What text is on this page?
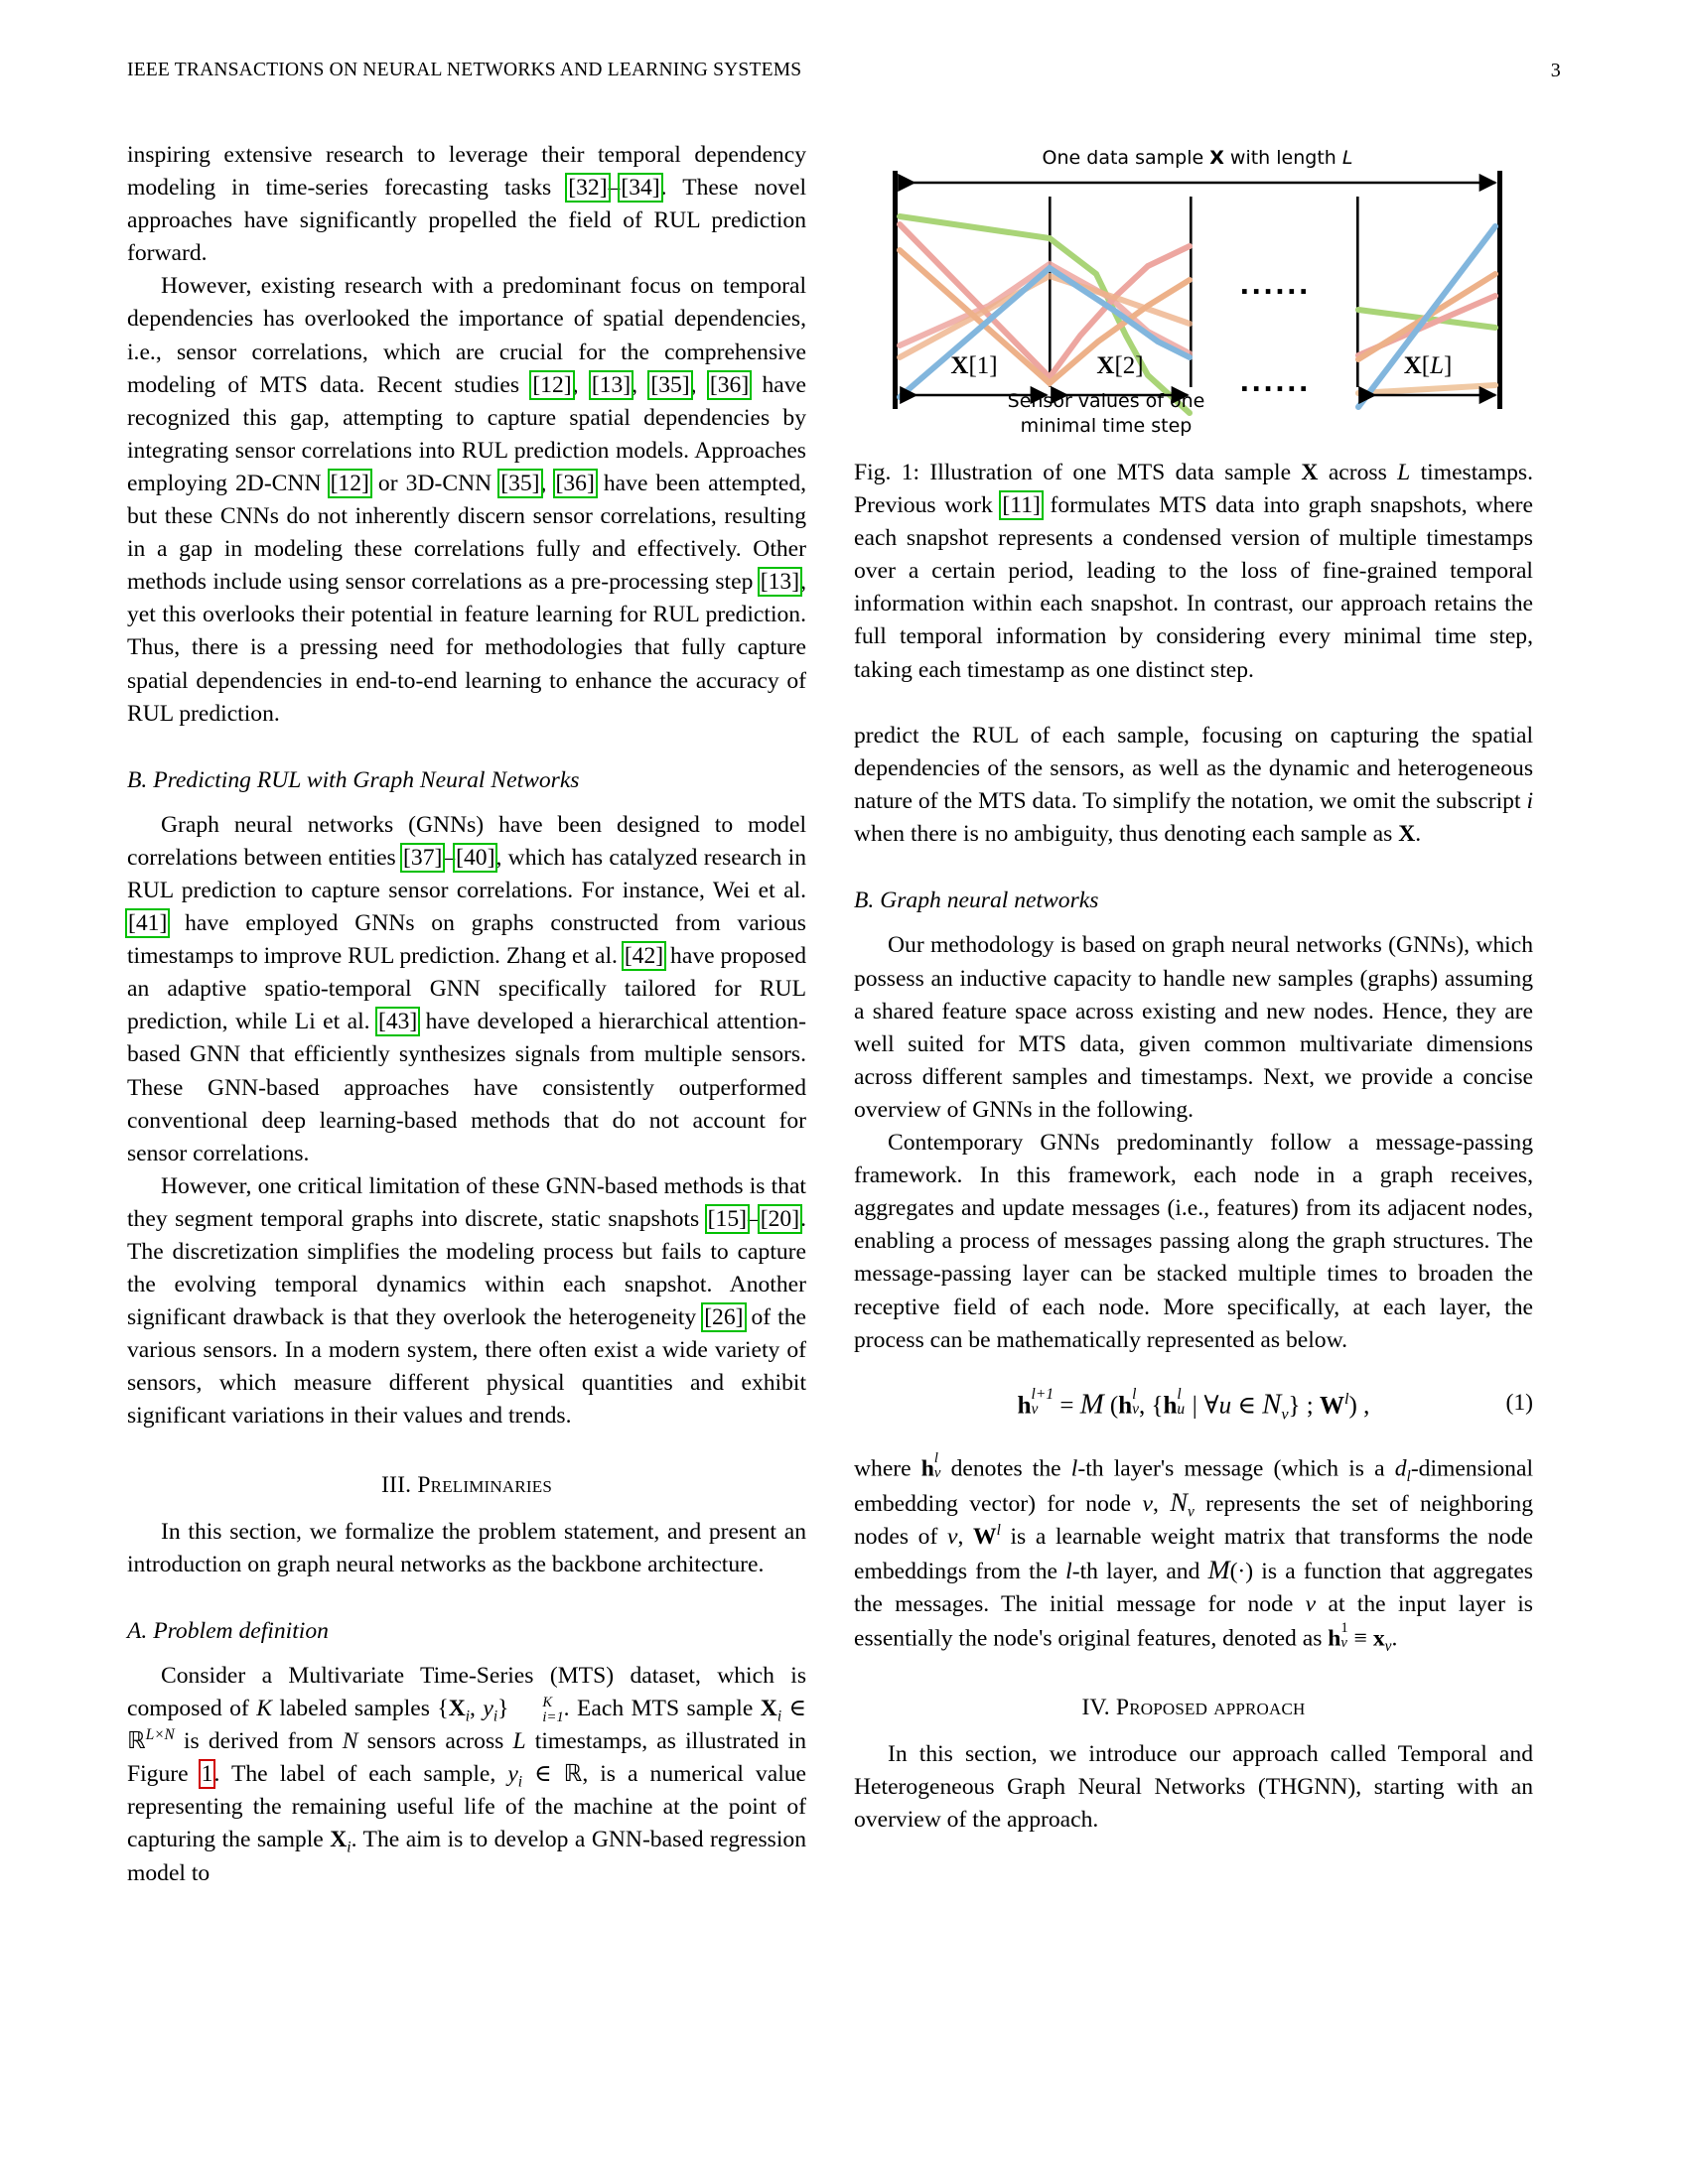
IEEE TRANSACTIONS ON NEURAL NETWORKS AND LEARNING SYSTEMS	3
One data sample X with length L
X[1]	X[2]	X[L]
......
......
Sensor values of one
minimal time step
Fig. 1: Illustration of one MTS data sample X across L timestamps. Previous work [11] formulates MTS data into graph snapshots, where each snapshot represents a condensed version of multiple timestamps over a certain period, leading to the loss of fine-grained temporal information within each snapshot. In contrast, our approach retains the full temporal information by considering every minimal time step, taking each timestamp as one distinct step.

inspiring extensive research to leverage their temporal dependency modeling in time-series forecasting tasks [32]–[34]. These novel approaches have significantly propelled the field of RUL prediction forward.

However, existing research with a predominant focus on temporal dependencies has overlooked the importance of spatial dependencies, i.e., sensor correlations, which are crucial for the comprehensive modeling of MTS data. Recent studies [12], [13], [35], [36] have recognized this gap, attempting to capture spatial dependencies by integrating sensor correlations into RUL prediction models. Approaches employing 2D-CNN [12] or 3D-CNN [35], [36] have been attempted, but these CNNs do not inherently discern sensor correlations, resulting in a gap in modeling these correlations fully and effectively. Other methods include using sensor correlations as a pre-processing step [13], yet this overlooks their potential in feature learning for RUL prediction. Thus, there is a pressing need for methodologies that fully capture spatial dependencies in end-to-end learning to enhance the accuracy of RUL prediction.

B. Predicting RUL with Graph Neural Networks

Graph neural networks (GNNs) have been designed to model correlations between entities [37]–[40], which has catalyzed research in RUL prediction to capture sensor correlations. For instance, Wei et al. [41] have employed GNNs on graphs constructed from various timestamps to improve RUL prediction. Zhang et al. [42] have proposed an adaptive spatio-temporal GNN specifically tailored for RUL prediction, while Li et al. [43] have developed a hierarchical attention-based GNN that efficiently synthesizes signals from multiple sensors. These GNN-based approaches have consistently outperformed conventional deep learning-based methods that do not account for sensor correlations.

However, one critical limitation of these GNN-based methods is that they segment temporal graphs into discrete, static snapshots [15]–[20]. The discretization simplifies the modeling process but fails to capture the evolving temporal dynamics within each snapshot. Another significant drawback is that they overlook the heterogeneity [26] of the various sensors. In a modern system, there often exist a wide variety of sensors, which measure different physical quantities and exhibit significant variations in their values and trends.

III. Preliminaries

In this section, we formalize the problem statement, and present an introduction on graph neural networks as the backbone architecture.

A. Problem definition

Consider a Multivariate Time-Series (MTS) dataset, which is composed of K labeled samples {$X_i$, $y_i$}	K
i=1 . Each MTS sample $X_i$ ∈ ℝ$^{L\times N}$ is derived from N sensors across L timestamps, as illustrated in Figure 1. The label of each sample, $y_i$ ∈ ℝ, is a numerical value representing the remaining useful life of the machine at the point of capturing the sample $X_i$. The aim is to develop a GNN-based regression model to

predict the RUL of each sample, focusing on capturing the spatial dependencies of the sensors, as well as the dynamic and heterogeneous nature of the MTS data. To simplify the notation, we omit the subscript i when there is no ambiguity, thus denoting each sample as X.

B. Graph neural networks

Our methodology is based on graph neural networks (GNNs), which possess an inductive capacity to handle new samples (graphs) assuming a shared feature space across existing and new nodes. Hence, they are well suited for MTS data, given common multivariate dimensions across different samples and timestamps. Next, we provide a concise overview of GNNs in the following.

Contemporary GNNs predominantly follow a message-passing framework. In this framework, each node in a graph receives, aggregates and update messages (i.e., features) from its adjacent nodes, enabling a process of messages passing along the graph structures. The message-passing layer can be stacked multiple times to broaden the receptive field of each node. More specifically, at each layer, the process can be mathematically represented as below.

h l+1
v = M (h l
v , {h l
u | ∀u ∈ $N_v$} ; $W^l$) ,	(1)

where h l
v denotes the l-th layer's message (which is a $d_l$-dimensional embedding vector) for node v, $N_v$ represents the set of neighboring nodes of v, $W^l$ is a learnable weight matrix that transforms the node embeddings from the l-th layer, and M(·) is a function that aggregates the messages. The initial message for node v at the input layer is essentially the node's original features, denoted as h 1
$v \equiv x_v$.

IV. Proposed approach

In this section, we introduce our approach called Temporal and Heterogeneous Graph Neural Networks (THGNN), starting with an overview of the approach.
